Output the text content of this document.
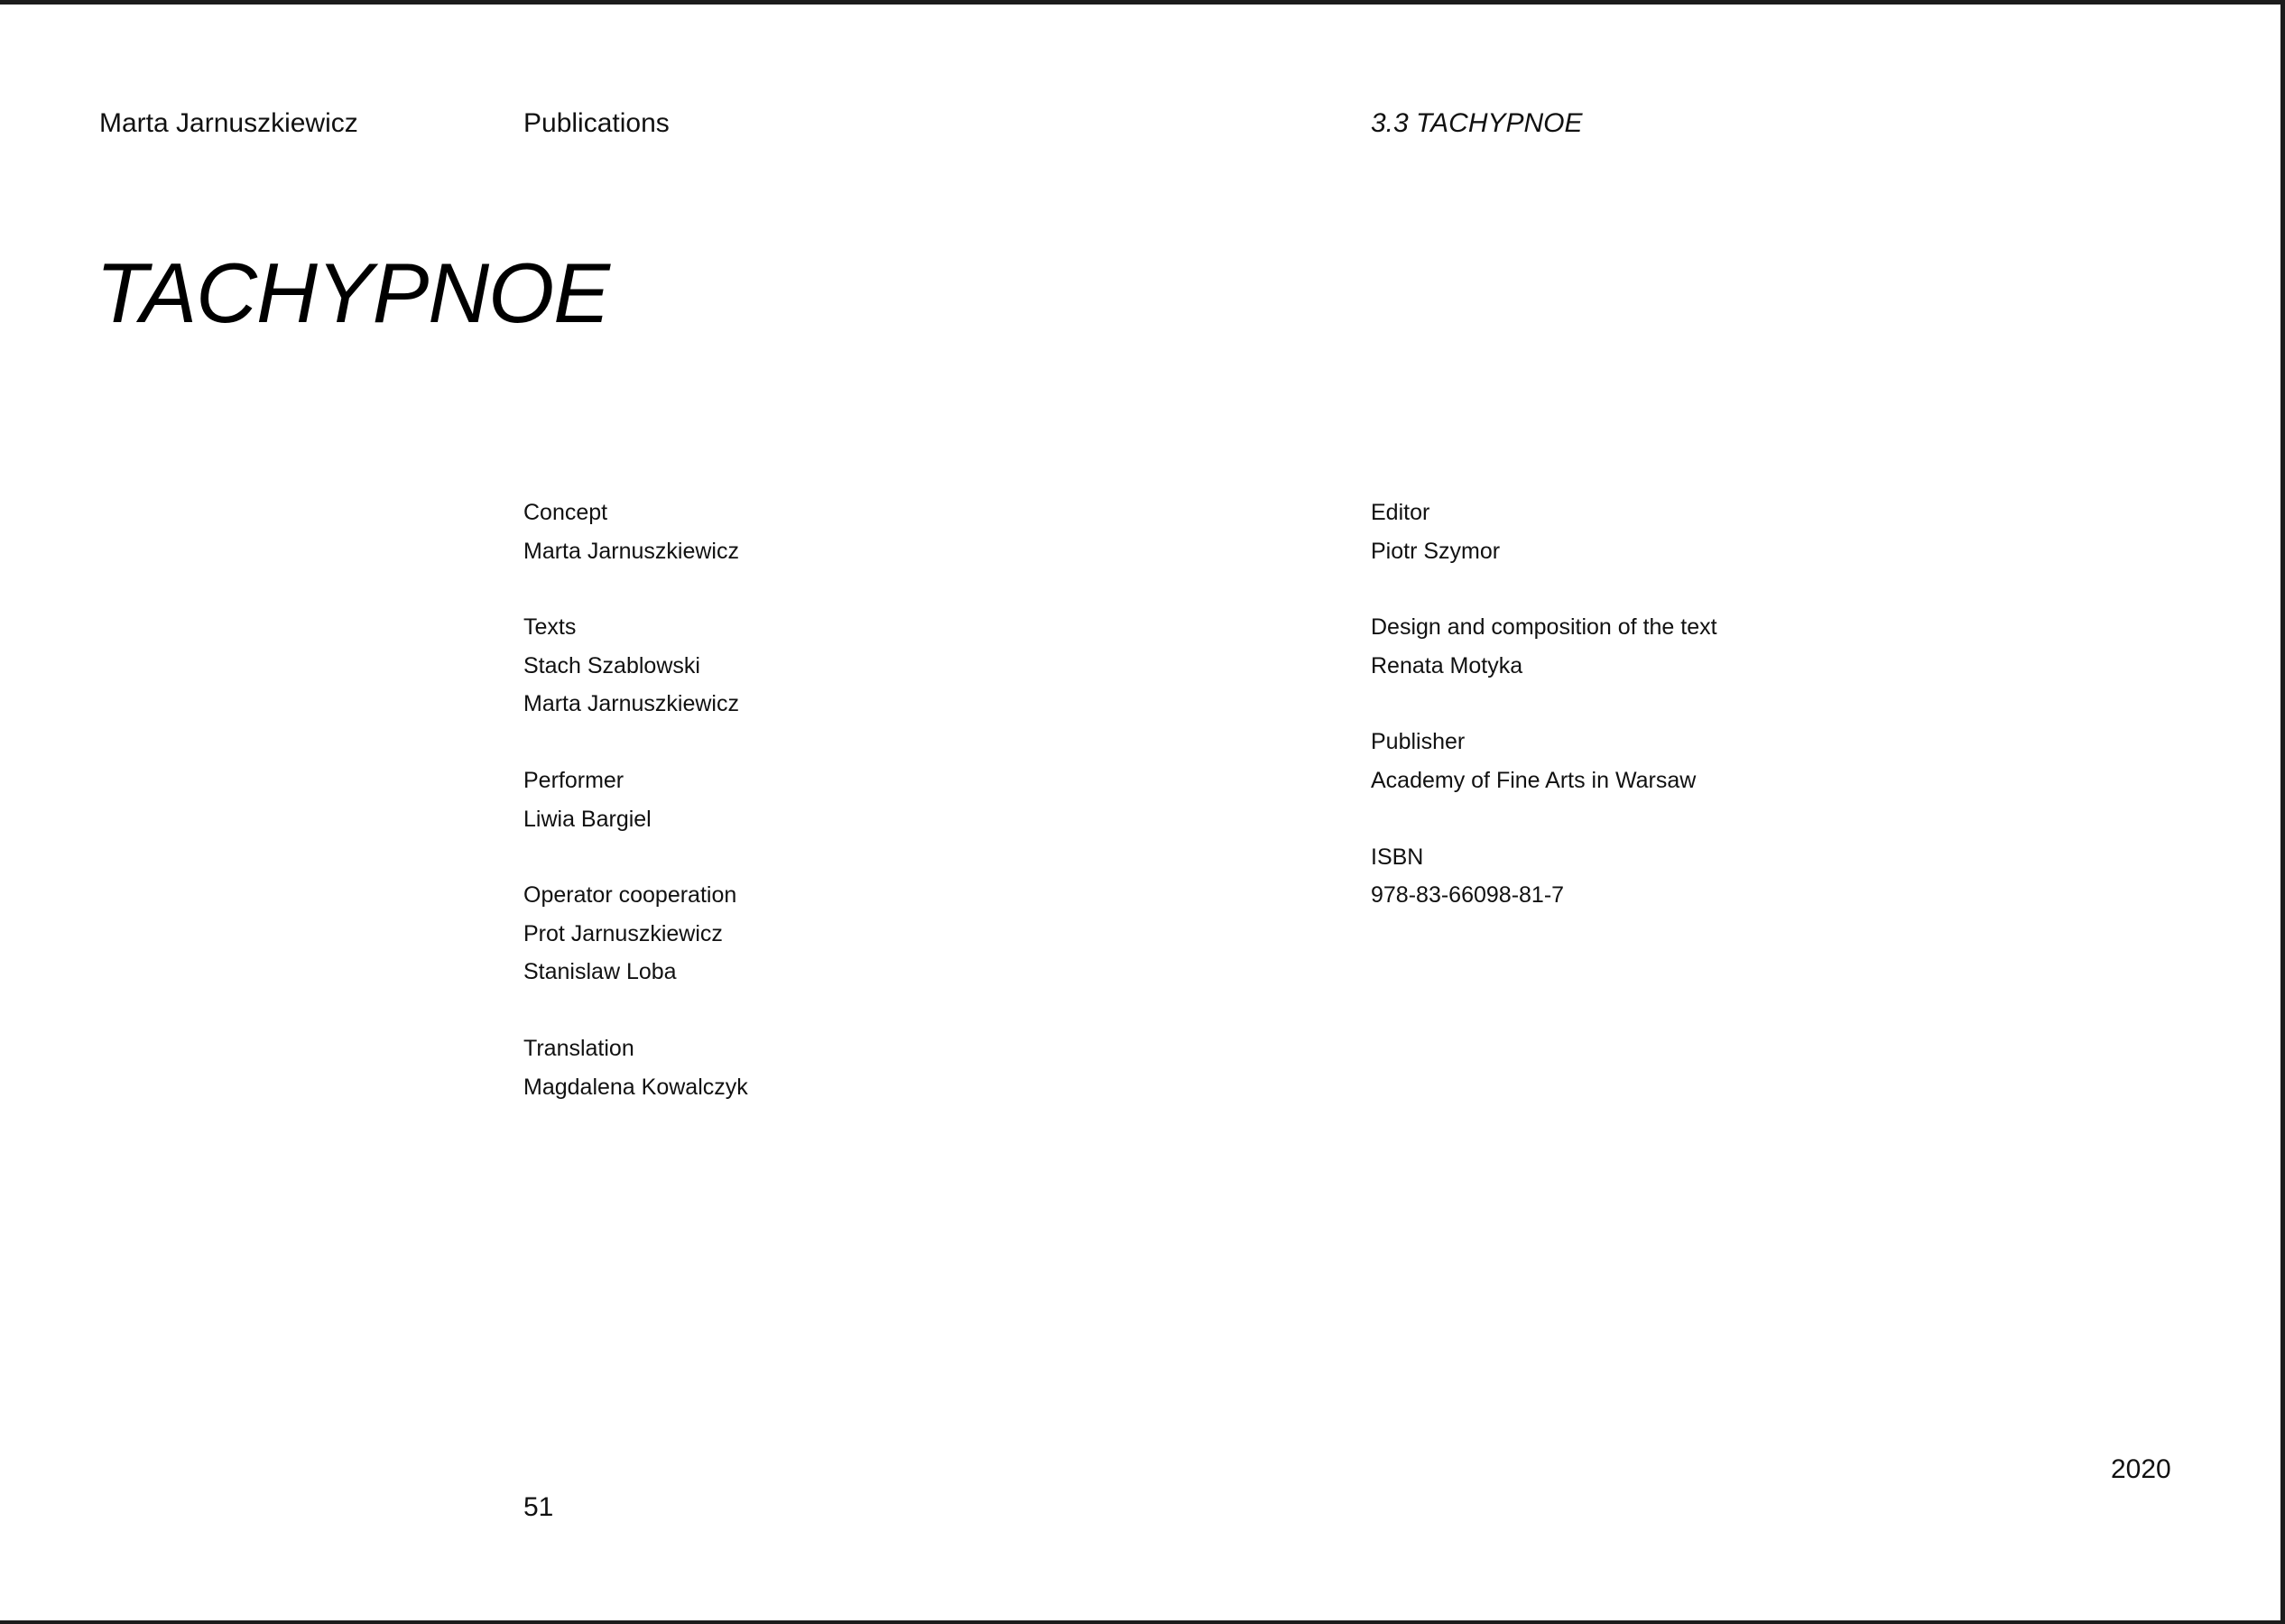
Marta Jarnuszkiewicz	Publications	3.3 TACHYPNOE
TACHYPNOE
Concept
Marta Jarnuszkiewicz
Texts
Stach Szablowski
Marta Jarnuszkiewicz
Performer
Liwia Bargiel
Operator cooperation
Prot Jarnuszkiewicz
Stanislaw Loba
Translation
Magdalena Kowalczyk
Editor
Piotr Szymor
Design and composition of the text
Renata Motyka
Publisher
Academy of Fine Arts in Warsaw
ISBN
978-83-66098-81-7
51
2020
